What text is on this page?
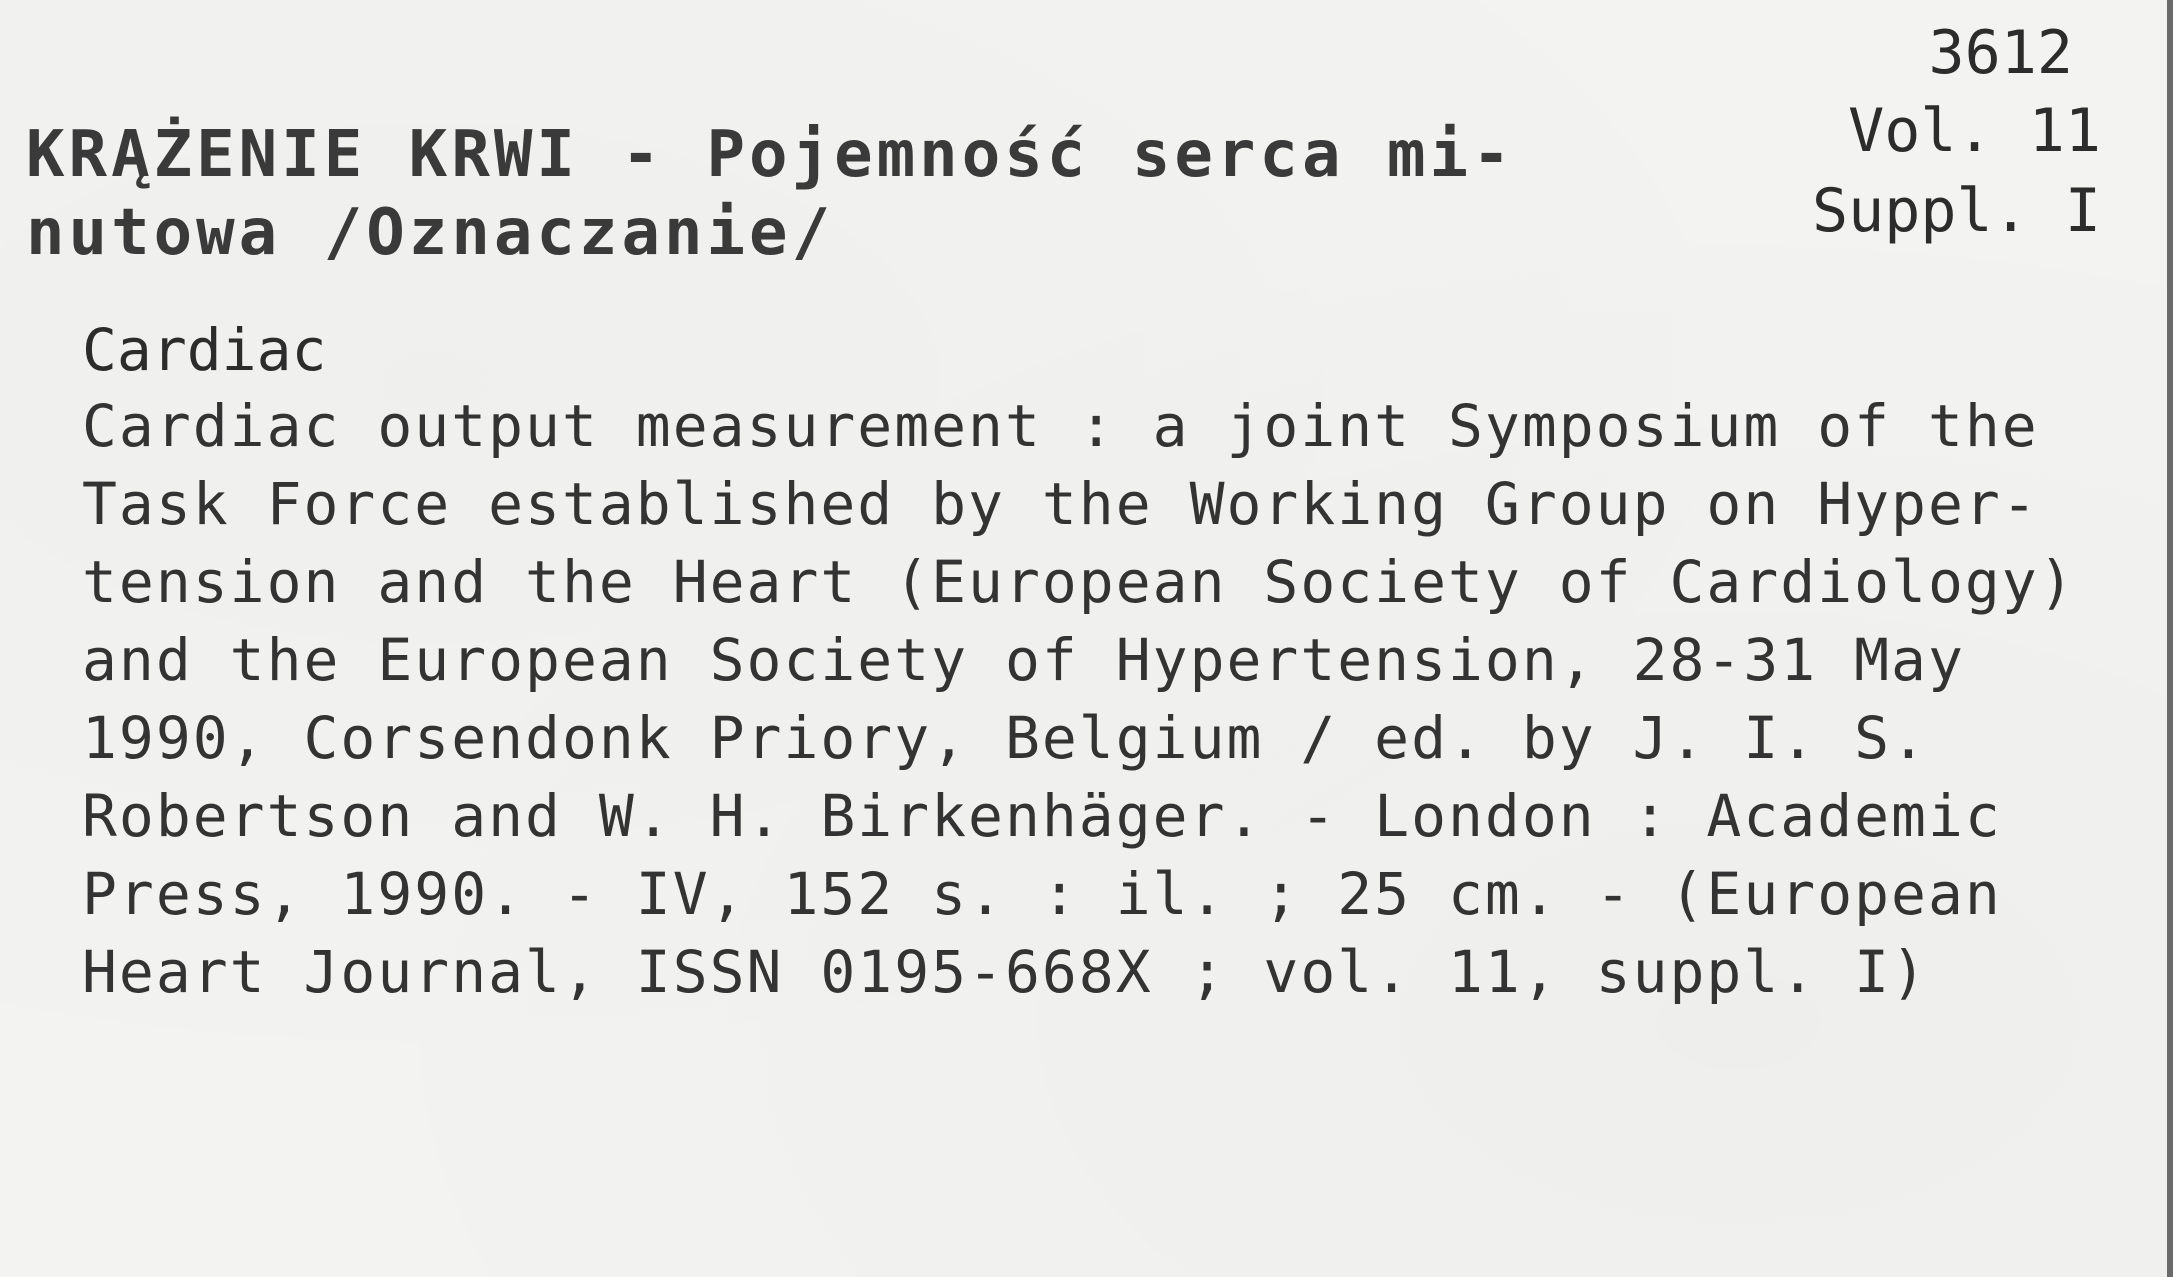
KRĄŻENIE KRWI - Pojemność serca mi-
nutowa /Oznaczanie/
3612
Vol. 11
Suppl. I
Cardiac
Cardiac output measurement : a joint Symposium of the
Task Force established by the Working Group on Hyper-
tension and the Heart (European Society of Cardiology)
and the European Society of Hypertension, 28-31 May
1990, Corsendonk Priory, Belgium / ed. by J. I. S.
Robertson and W. H. Birkenhäger. - London : Academic
Press, 1990. - IV, 152 s. : il. ; 25 cm. - (European
Heart Journal, ISSN 0195-668X ; vol. 11, suppl. I)
